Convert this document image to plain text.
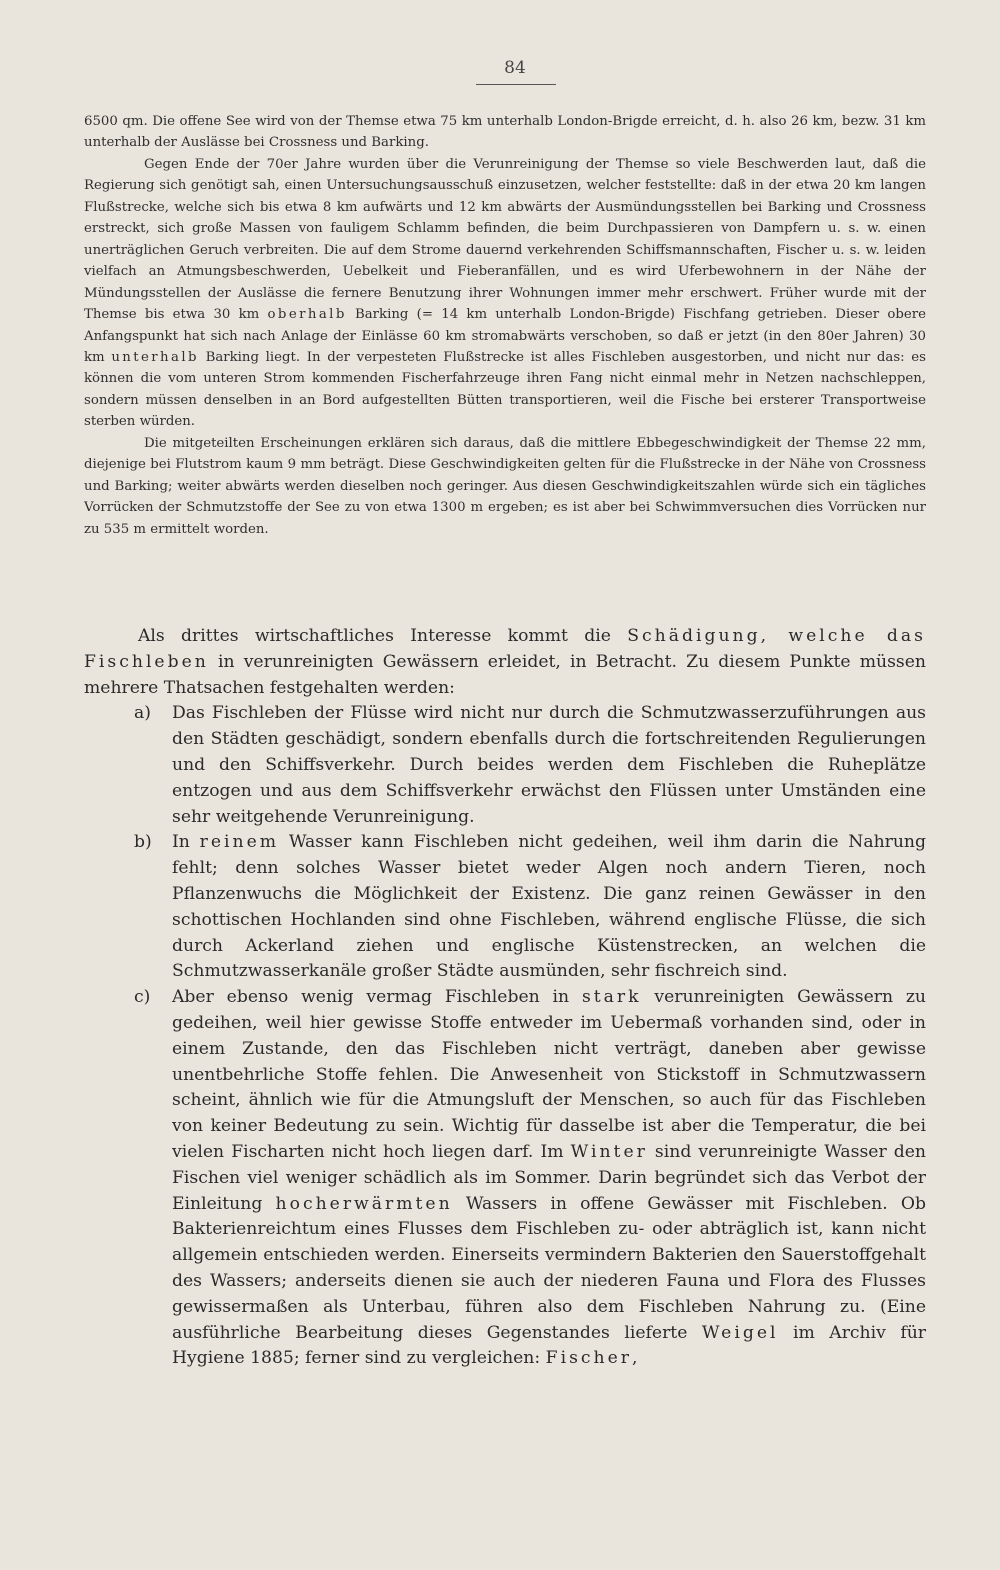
84

6500 qm. Die offene See wird von der Themse etwa 75 km unterhalb London-Brigde erreicht, d. h. also 26 km, bezw. 31 km unterhalb der Auslässe bei Crossness und Barking.

Gegen Ende der 70er Jahre wurden über die Verunreinigung der Themse so viele Beschwerden laut, daß die Regierung sich genötigt sah, einen Untersuchungsausschuß einzusetzen, welcher feststellte: daß in der etwa 20 km langen Flußstrecke, welche sich bis etwa 8 km aufwärts und 12 km abwärts der Ausmündungsstellen bei Barking und Crossness erstreckt, sich große Massen von fauligem Schlamm befinden, die beim Durchpassieren von Dampfern u. s. w. einen unerträglichen Geruch verbreiten. Die auf dem Strome dauernd verkehrenden Schiffsmannschaften, Fischer u. s. w. leiden vielfach an Atmungsbeschwerden, Uebelkeit und Fieberanfällen, und es wird Uferbewohnern in der Nähe der Mündungsstellen der Auslässe die fernere Benutzung ihrer Wohnungen immer mehr erschwert. Früher wurde mit der Themse bis etwa 30 km oberhalb Barking (= 14 km unterhalb London-Brigde) Fischfang getrieben. Dieser obere Anfangspunkt hat sich nach Anlage der Einlässe 60 km stromabwärts verschoben, so daß er jetzt (in den 80er Jahren) 30 km unterhalb Barking liegt. In der verpesteten Flußstrecke ist alles Fischleben ausgestorben, und nicht nur das: es können die vom unteren Strom kommenden Fischerfahrzeuge ihren Fang nicht einmal mehr in Netzen nachschleppen, sondern müssen denselben in an Bord aufgestellten Bütten transportieren, weil die Fische bei ersterer Transportweise sterben würden.

Die mitgeteilten Erscheinungen erklären sich daraus, daß die mittlere Ebbegeschwindigkeit der Themse 22 mm, diejenige bei Flutstrom kaum 9 mm beträgt. Diese Geschwindigkeiten gelten für die Flußstrecke in der Nähe von Crossness und Barking; weiter abwärts werden dieselben noch geringer. Aus diesen Geschwindigkeitszahlen würde sich ein tägliches Vorrücken der Schmutzstoffe der See zu von etwa 1300 m ergeben; es ist aber bei Schwimmversuchen dies Vorrücken nur zu 535 m ermittelt worden.

Als drittes wirtschaftliches Interesse kommt die Schädigung, welche das Fischleben in verunreinigten Gewässern erleidet, in Betracht. Zu diesem Punkte müssen mehrere Thatsachen festgehalten werden:

a) Das Fischleben der Flüsse wird nicht nur durch die Schmutzwasserzuführungen aus den Städten geschädigt, sondern ebenfalls durch die fortschreitenden Regulierungen und den Schiffsverkehr. Durch beides werden dem Fischleben die Ruheplätze entzogen und aus dem Schiffsverkehr erwächst den Flüssen unter Umständen eine sehr weitgehende Verunreinigung.

b) In reinem Wasser kann Fischleben nicht gedeihen, weil ihm darin die Nahrung fehlt; denn solches Wasser bietet weder Algen noch andern Tieren, noch Pflanzenwuchs die Möglichkeit der Existenz. Die ganz reinen Gewässer in den schottischen Hochlanden sind ohne Fischleben, während englische Flüsse, die sich durch Ackerland ziehen und englische Küstenstrecken, an welchen die Schmutzwasserkanäle großer Städte ausmünden, sehr fischreich sind.

c) Aber ebenso wenig vermag Fischleben in stark verunreinigten Gewässern zu gedeihen, weil hier gewisse Stoffe entweder im Uebermaß vorhanden sind, oder in einem Zustande, den das Fischleben nicht verträgt, daneben aber gewisse unentbehrliche Stoffe fehlen. Die Anwesenheit von Stickstoff in Schmutzwassern scheint, ähnlich wie für die Atmungsluft der Menschen, so auch für das Fischleben von keiner Bedeutung zu sein. Wichtig für dasselbe ist aber die Temperatur, die bei vielen Fischarten nicht hoch liegen darf. Im Winter sind verunreinigte Wasser den Fischen viel weniger schädlich als im Sommer. Darin begründet sich das Verbot der Einleitung hocherwärmten Wassers in offene Gewässer mit Fischleben. Ob Bakterienreichtum eines Flusses dem Fischleben zu- oder abträglich ist, kann nicht allgemein entschieden werden. Einerseits vermindern Bakterien den Sauerstoffgehalt des Wassers; anderseits dienen sie auch der niederen Fauna und Flora des Flusses gewissermaßen als Unterbau, führen also dem Fischleben Nahrung zu. (Eine ausführliche Bearbeitung dieses Gegenstandes lieferte Weigel im Archiv für Hygiene 1885; ferner sind zu vergleichen: Fischer,
